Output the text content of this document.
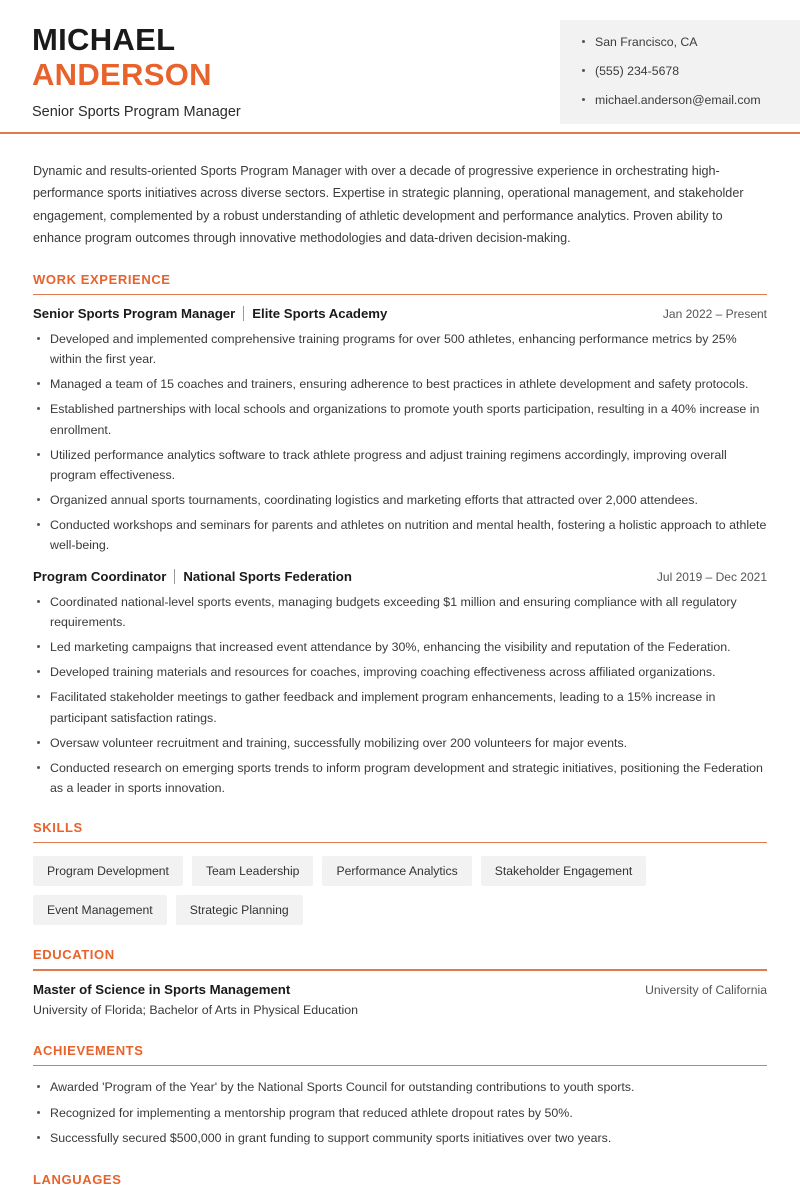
MICHAEL
ANDERSON
Senior Sports Program Manager
San Francisco, CA
(555) 234-5678
michael.anderson@email.com

Dynamic and results-oriented Sports Program Manager with over a decade of progressive experience in orchestrating high-performance sports initiatives across diverse sectors. Expertise in strategic planning, operational management, and stakeholder engagement, complemented by a robust understanding of athletic development and performance analytics. Proven ability to enhance program outcomes through innovative methodologies and data-driven decision-making.

WORK EXPERIENCE
Senior Sports Program Manager Elite Sports Academy	Jan 2022 – Present
Developed and implemented comprehensive training programs for over 500 athletes, enhancing performance metrics by 25% within the first year.
Managed a team of 15 coaches and trainers, ensuring adherence to best practices in athlete development and safety protocols.
Established partnerships with local schools and organizations to promote youth sports participation, resulting in a 40% increase in enrollment.
Utilized performance analytics software to track athlete progress and adjust training regimens accordingly, improving overall program effectiveness.
Organized annual sports tournaments, coordinating logistics and marketing efforts that attracted over 2,000 attendees.
Conducted workshops and seminars for parents and athletes on nutrition and mental health, fostering a holistic approach to athlete well-being.
Program Coordinator National Sports Federation	Jul 2019 – Dec 2021
Coordinated national-level sports events, managing budgets exceeding $1 million and ensuring compliance with all regulatory requirements.
Led marketing campaigns that increased event attendance by 30%, enhancing the visibility and reputation of the Federation.
Developed training materials and resources for coaches, improving coaching effectiveness across affiliated organizations.
Facilitated stakeholder meetings to gather feedback and implement program enhancements, leading to a 15% increase in participant satisfaction ratings.
Oversaw volunteer recruitment and training, successfully mobilizing over 200 volunteers for major events.
Conducted research on emerging sports trends to inform program development and strategic initiatives, positioning the Federation as a leader in sports innovation.
SKILLS
Program Development	Team Leadership	Performance Analytics	Stakeholder Engagement
Event Management	Strategic Planning
EDUCATION
Master of Science in Sports Management	University of California
University of Florida; Bachelor of Arts in Physical Education
ACHIEVEMENTS
Awarded 'Program of the Year' by the National Sports Council for outstanding contributions to youth sports.
Recognized for implementing a mentorship program that reduced athlete dropout rates by 50%.
Successfully secured $500,000 in grant funding to support community sports initiatives over two years.
LANGUAGES
